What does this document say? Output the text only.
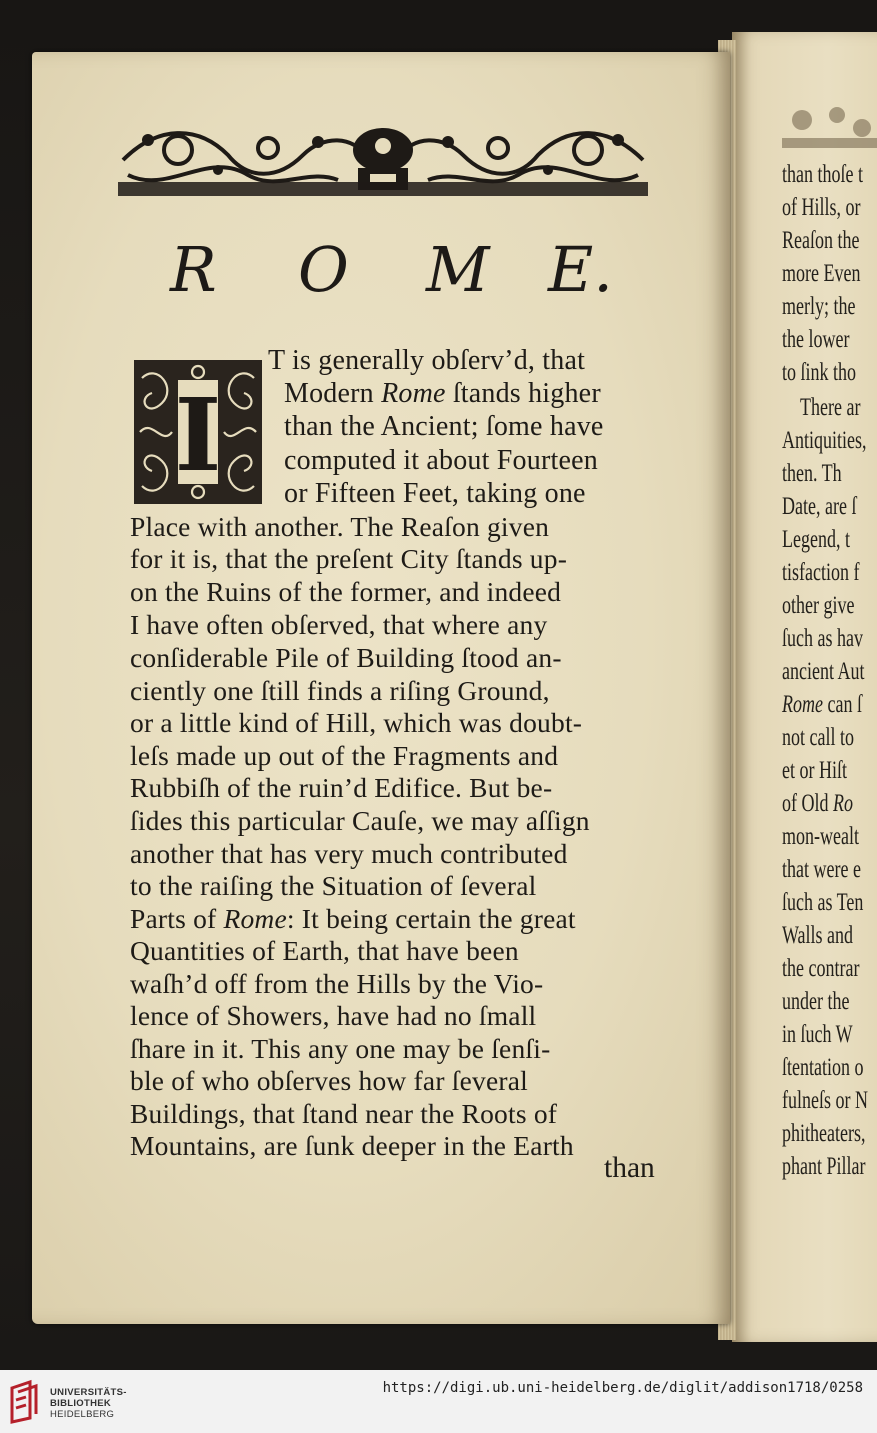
R O M E.
I
T is generally obſerv’d, that
Modern Rome ſtands higher
than the Ancient; ſome have
computed it about Fourteen
or Fifteen Feet, taking one
Place with another. The Reaſon given
for it is, that the preſent City ſtands up-
on the Ruins of the former, and indeed
I have often obſerved, that where any
conſiderable Pile of Building ſtood an-
ciently one ſtill finds a riſing Ground,
or a little kind of Hill, which was doubt-
leſs made up out of the Fragments and
Rubbiſh of the ruin’d Edifice. But be-
ſides this particular Cauſe, we may aſſign
another that has very much contributed
to the raiſing the Situation of ſeveral
Parts of Rome: It being certain the great
Quantities of Earth, that have been
waſh’d off from the Hills by the Vio-
lence of Showers, have had no ſmall
ſhare in it. This any one may be ſenſi-
ble of who obſerves how far ſeveral
Buildings, that ſtand near the Roots of
Mountains, are ſunk deeper in the Earth
than
than thoſe t
of Hills, or
Reaſon the
more Even
merly; the
the lower
to ſink tho
There ar
Antiquities,
then. Th
Date, are ſ
Legend, t
tisfaction f
other give
ſuch as hav
ancient Aut
Rome can ſ
not call to
et or Hiſt
of Old Ro
mon-wealt
that were e
ſuch as Ten
Walls and
the contrar
under the
in ſuch W
ſtentation o
fulneſs or N
phitheaters,
phant Pillar
UNIVERSITÄTS-
BIBLIOTHEK
HEIDELBERG
https://digi.ub.uni-heidelberg.de/diglit/addison1718/0258
